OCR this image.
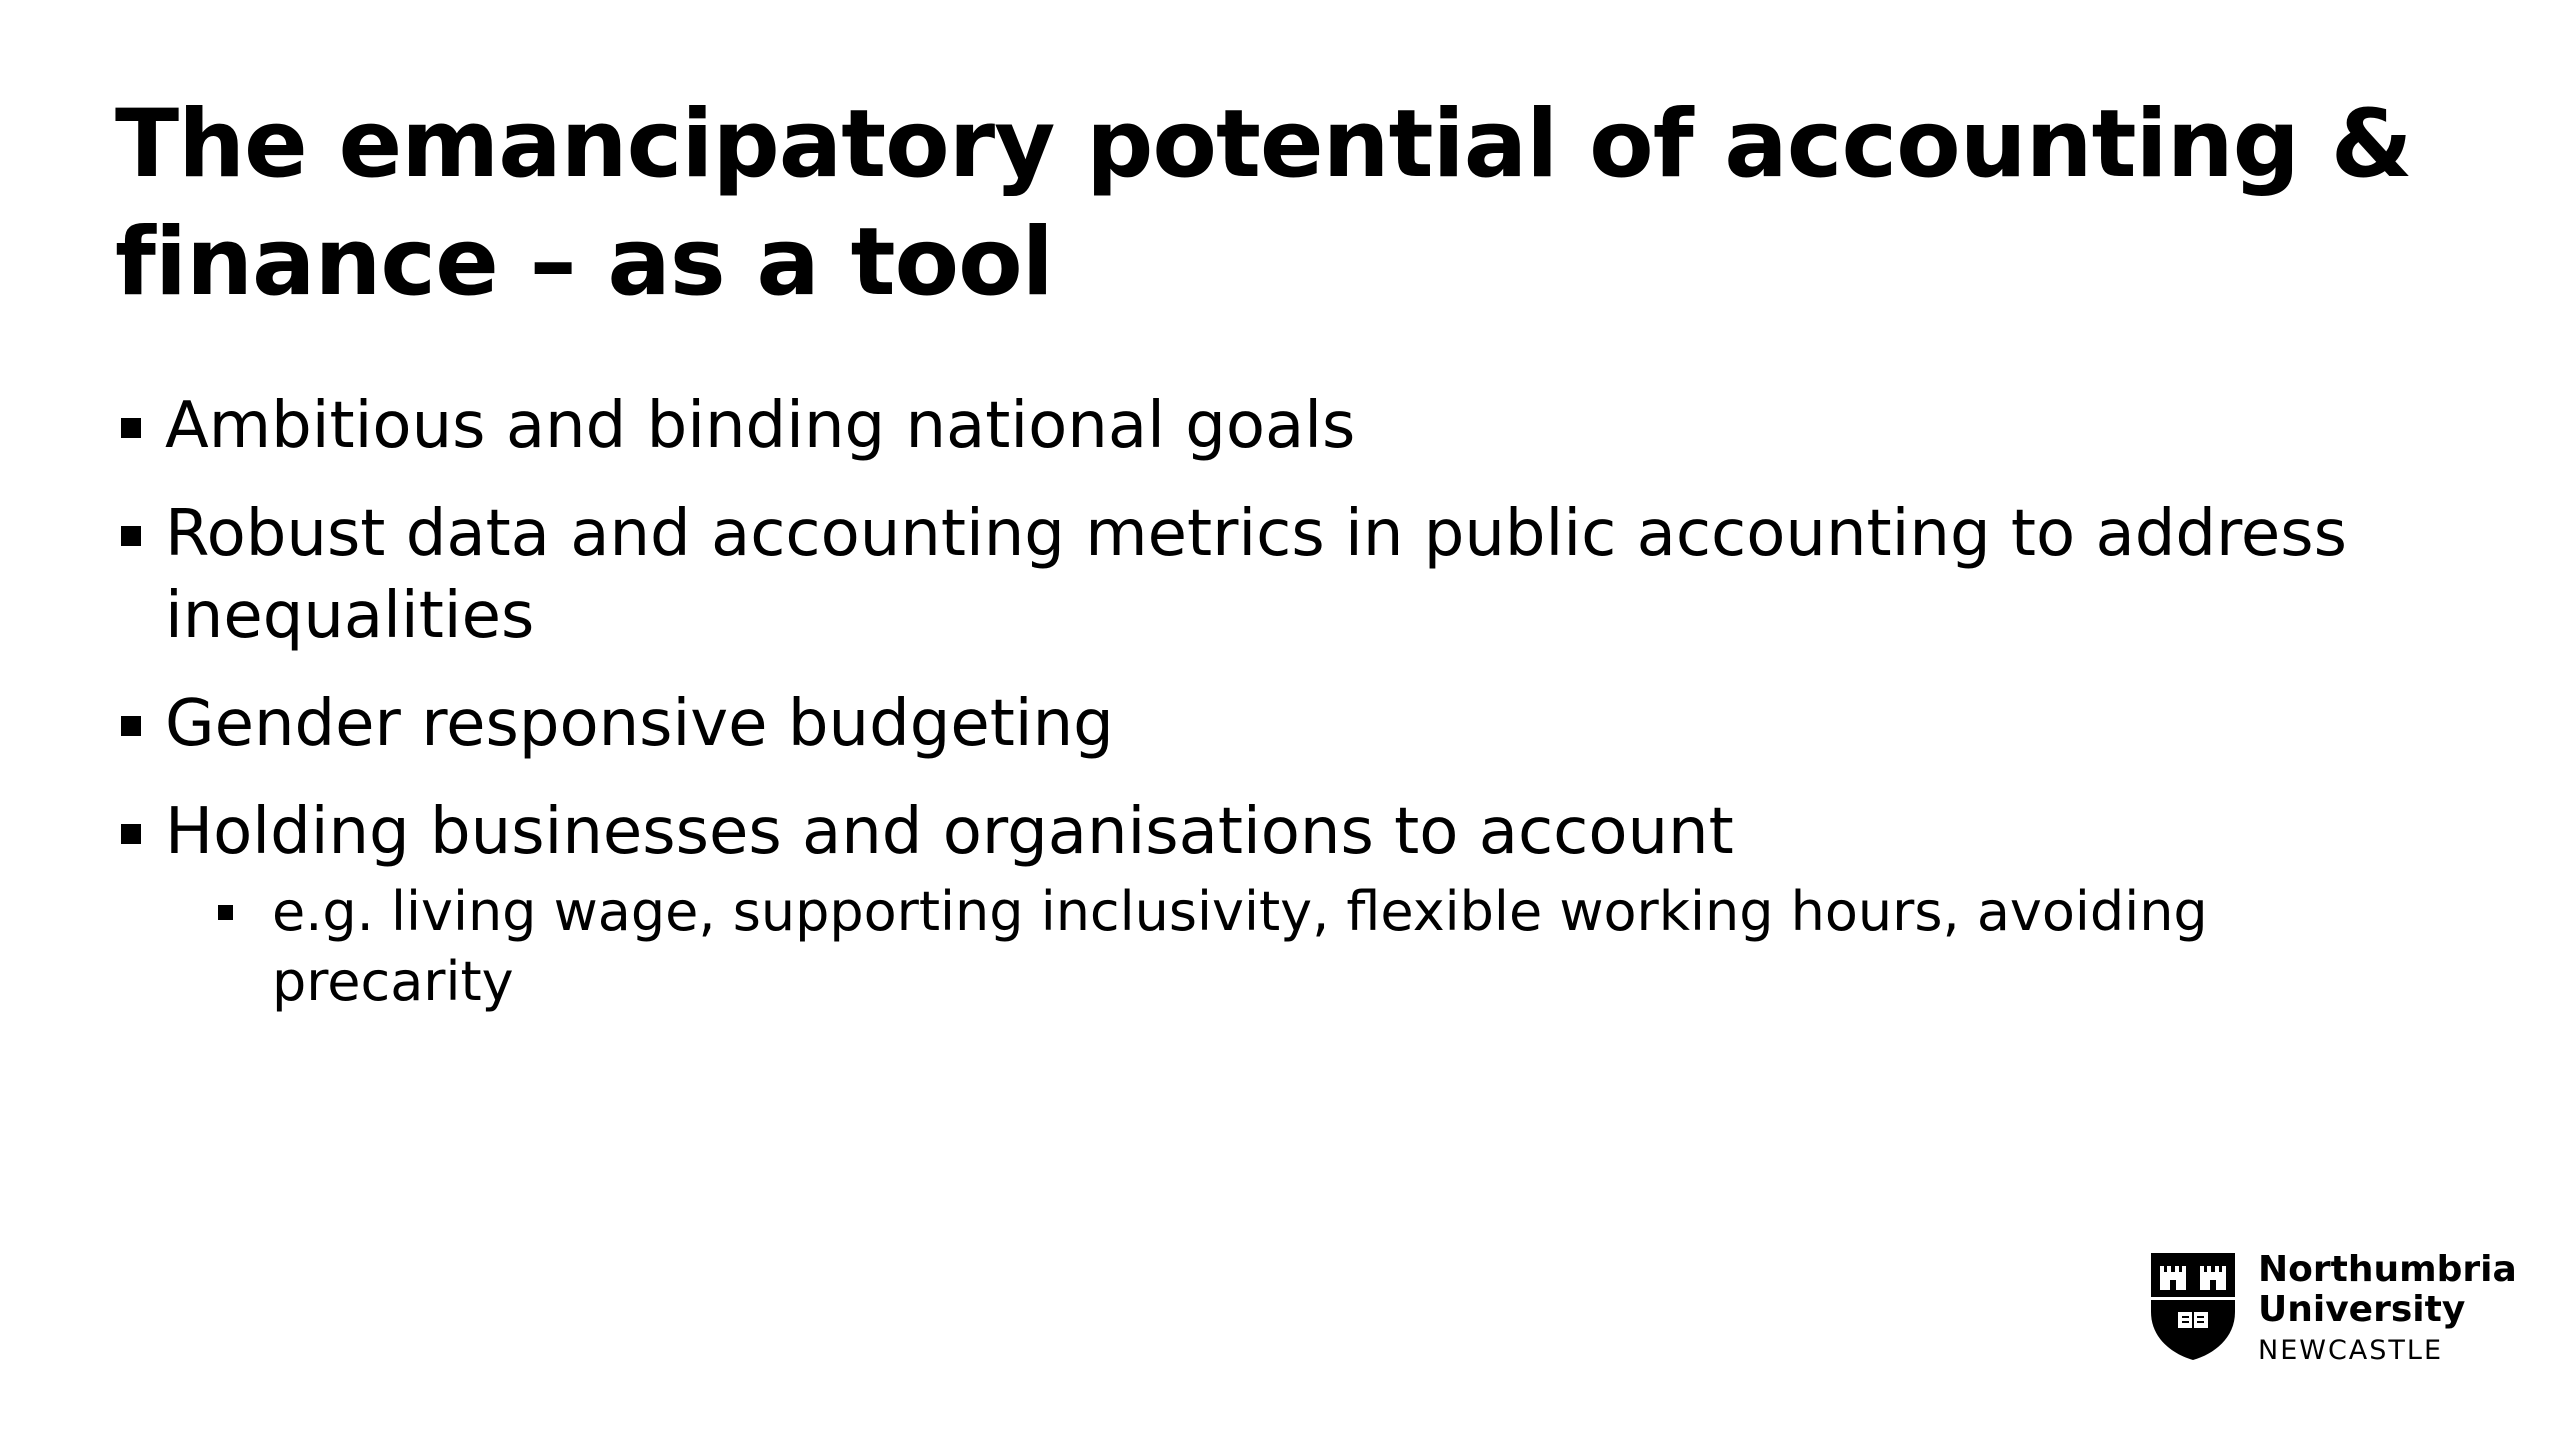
The emancipatory potential of accounting & finance – as a tool
Ambitious and binding national goals
Robust data and accounting metrics in public accounting to address inequalities
Gender responsive budgeting
Holding businesses and organisations to account
e.g. living wage, supporting inclusivity, flexible working hours, avoiding precarity
Northumbria
University
NEWCASTLE
